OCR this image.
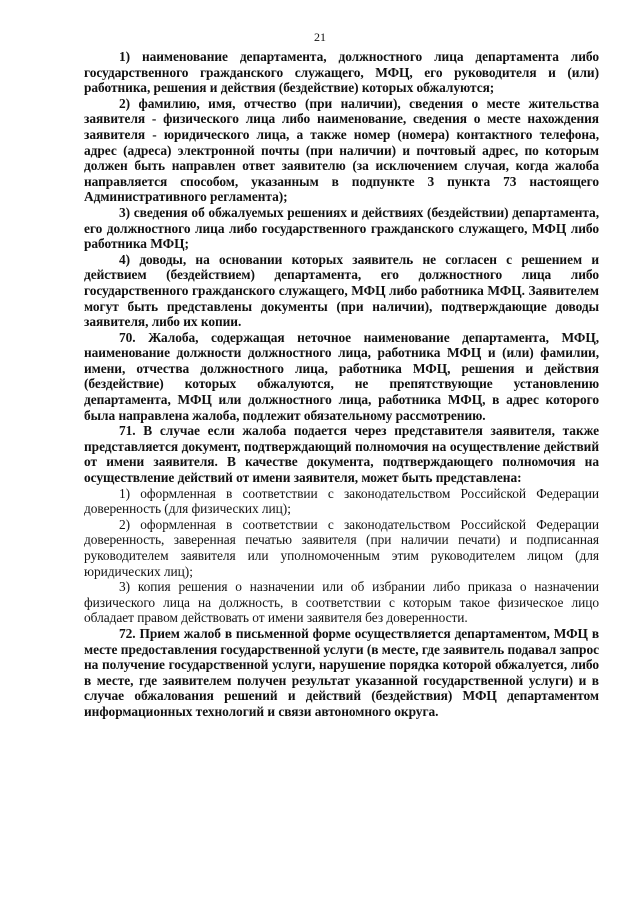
21

1) наименование департамента, должностного лица департамента либо государственного гражданского служащего, МФЦ, его руководителя и (или) работника, решения и действия (бездействие) которых обжалуются;

2) фамилию, имя, отчество (при наличии), сведения о месте жительства заявителя - физического лица либо наименование, сведения о месте нахождения заявителя - юридического лица, а также номер (номера) контактного телефона, адрес (адреса) электронной почты (при наличии) и почтовый адрес, по которым должен быть направлен ответ заявителю (за исключением случая, когда жалоба направляется способом, указанным в подпункте 3 пункта 73 настоящего Административного регламента);

3) сведения об обжалуемых решениях и действиях (бездействии) департамента, его должностного лица либо государственного гражданского служащего, МФЦ либо работника МФЦ;

4) доводы, на основании которых заявитель не согласен с решением и действием (бездействием) департамента, его должностного лица либо государственного гражданского служащего, МФЦ либо работника МФЦ. Заявителем могут быть представлены документы (при наличии), подтверждающие доводы заявителя, либо их копии.

70. Жалоба, содержащая неточное наименование департамента, МФЦ, наименование должности должностного лица, работника МФЦ и (или) фамилии, имени, отчества должностного лица, работника МФЦ, решения и действия (бездействие) которых обжалуются, не препятствующие установлению департамента, МФЦ или должностного лица, работника МФЦ, в адрес которого была направлена жалоба, подлежит обязательному рассмотрению.

71. В случае если жалоба подается через представителя заявителя, также представляется документ, подтверждающий полномочия на осуществление действий от имени заявителя. В качестве документа, подтверждающего полномочия на осуществление действий от имени заявителя, может быть представлена:

1) оформленная в соответствии с законодательством Российской Федерации доверенность (для физических лиц);

2) оформленная в соответствии с законодательством Российской Федерации доверенность, заверенная печатью заявителя (при наличии печати) и подписанная руководителем заявителя или уполномоченным этим руководителем лицом (для юридических лиц);

3) копия решения о назначении или об избрании либо приказа о назначении физического лица на должность, в соответствии с которым такое физическое лицо обладает правом действовать от имени заявителя без доверенности.

72. Прием жалоб в письменной форме осуществляется департаментом, МФЦ в месте предоставления государственной услуги (в месте, где заявитель подавал запрос на получение государственной услуги, нарушение порядка которой обжалуется, либо в месте, где заявителем получен результат указанной государственной услуги) и в случае обжалования решений и действий (бездействия) МФЦ департаментом информационных технологий и связи автономного округа.
